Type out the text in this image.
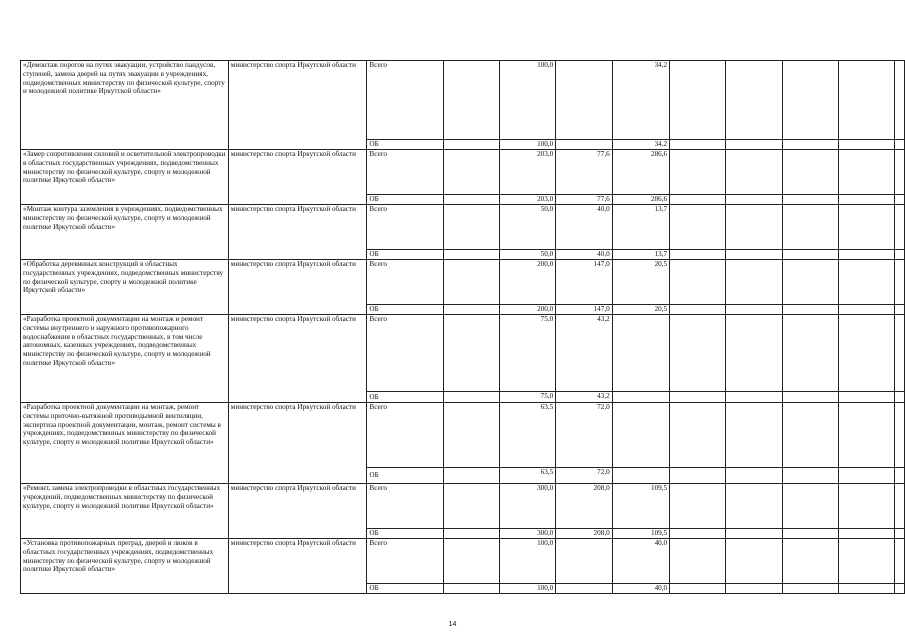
«Демонтаж порогов на путях эвакуации, устройство пандусов, ступеней, замена дверей на путях эвакуации в учреждениях, подведомственных министерству по физической культуре, спорту и молодежной политике Иркутской области»	министерство спорта Иркутской области	Всего		100,0		34,2					
		ОБ		100,0		34,2					
«Замер сопротивления силовой и осветительной электропроводки в областных государственных учреждениях, подведомственных министерству по физической культуре, спорту и молодежной политике Иркутской области»	министерство спорта Иркутской области	Всего		203,0	77,6	286,6					
		ОБ		203,0	77,6	286,6					
«Монтаж контура заземления в учреждениях, подведомственных министерству по физической культуре, спорту и молодежной политике Иркутской области»	министерство спорта Иркутской области	Всего		50,0	40,0	13,7					
		ОБ		50,0	40,0	13,7					
«Обработка деревянных конструкций в областных государственных учреждениях, подведомственных министерству по физической культуре, спорту и молодежной политике Иркутской области»	министерство спорта Иркутской области	Всего		200,0	147,0	20,5					
		ОБ		200,0	147,0	20,5					
«Разработка проектной документации на монтаж и ремонт системы внутреннего и наружного противопожарного водоснабжения в областных государственных, в том числе автономных, казенных учреждениях, подведомственных министерству по физической культуре, спорту и молодежной политике Иркутской области»	министерство спорта Иркутской области	Всего		75,0	43,2						
		ОБ		75,0	43,2						
«Разработка проектной документации на монтаж, ремонт системы приточно-вытяжной противодымной вентиляции, экспертиза проектной документации, монтаж, ремонт системы в учреждениях, подведомственных министерству по физической культуре, спорту и молодежной политике Иркутской области»	министерство спорта Иркутской области	Всего		63,5	72,0						
		ОБ		63,5	72,0						
«Ремонт, замена электропроводки в областных государственных учреждений, подведомственных министерству по физической культуре, спорту и молодежной политике Иркутской области»	министерство спорта Иркутской области	Всего		300,0	208,0	109,5					
		ОБ		300,0	208,0	109,5					
«Установка противопожарных преград, дверей и люков в областных государственных учреждениях, подведомственных министерству по физической культуре, спорту и молодежной политике Иркутской области»	министерство спорта Иркутской области	Всего		100,0		40,0					
		ОБ		100,0		40,0					
14
